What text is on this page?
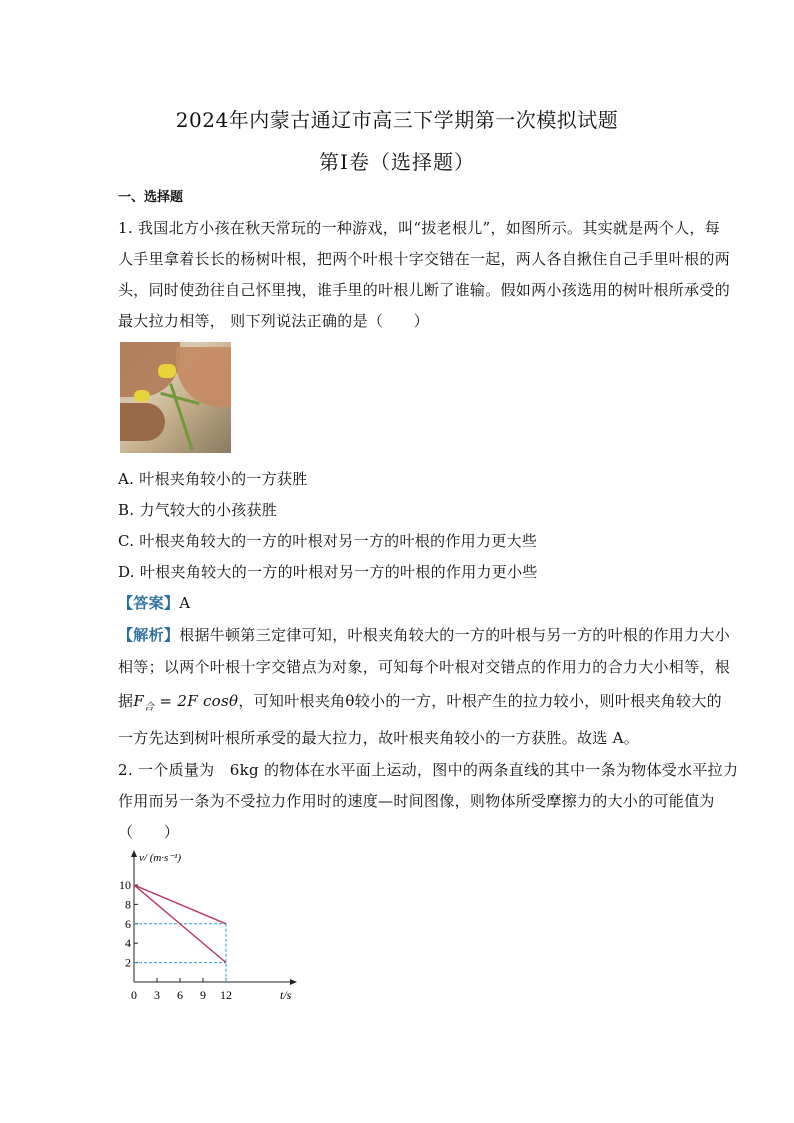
2024年内蒙古通辽市高三下学期第一次模拟试题
第Ⅰ卷（选择题）
一、选择题
1. 我国北方小孩在秋天常玩的一种游戏，叫“拔老根儿”，如图所示。其实就是两个人，每
人手里拿着长长的杨树叶根，把两个叶根十字交错在一起，两人各自揪住自己手里叶根的两
头，同时使劲往自己怀里拽，谁手里的叶根儿断了谁输。假如两小孩选用的树叶根所承受的
最大拉力相等， 则下列说法正确的是（　　）
A. 叶根夹角较小的一方获胜
B. 力气较大的小孩获胜
C. 叶根夹角较大的一方的叶根对另一方的叶根的作用力更大些
D. 叶根夹角较大的一方的叶根对另一方的叶根的作用力更小些
【答案】A
【解析】根据牛顿第三定律可知，叶根夹角较大的一方的叶根与另一方的叶根的作用力大小
相等；以两个叶根十字交错点为对象，可知每个叶根对交错点的作用力的合力大小相等，根
据$F_合 = 2F$ cosθ，可知叶根夹角θ较小的一方，叶根产生的拉力较小，则叶根夹角较大的
一方先达到树叶根所承受的最大拉力，故叶根夹角较小的一方获胜。故选 A。
2. 一个质量为　6kg 的物体在水平面上运动，图中的两条直线的其中一条为物体受水平拉力
作用而另一条为不受拉力作用时的速度—时间图像，则物体所受摩擦力的大小的可能值为
（　　）
v/ (m·s⁻¹)
t/s
0 3 6 9 12
2
4
6
8
10
